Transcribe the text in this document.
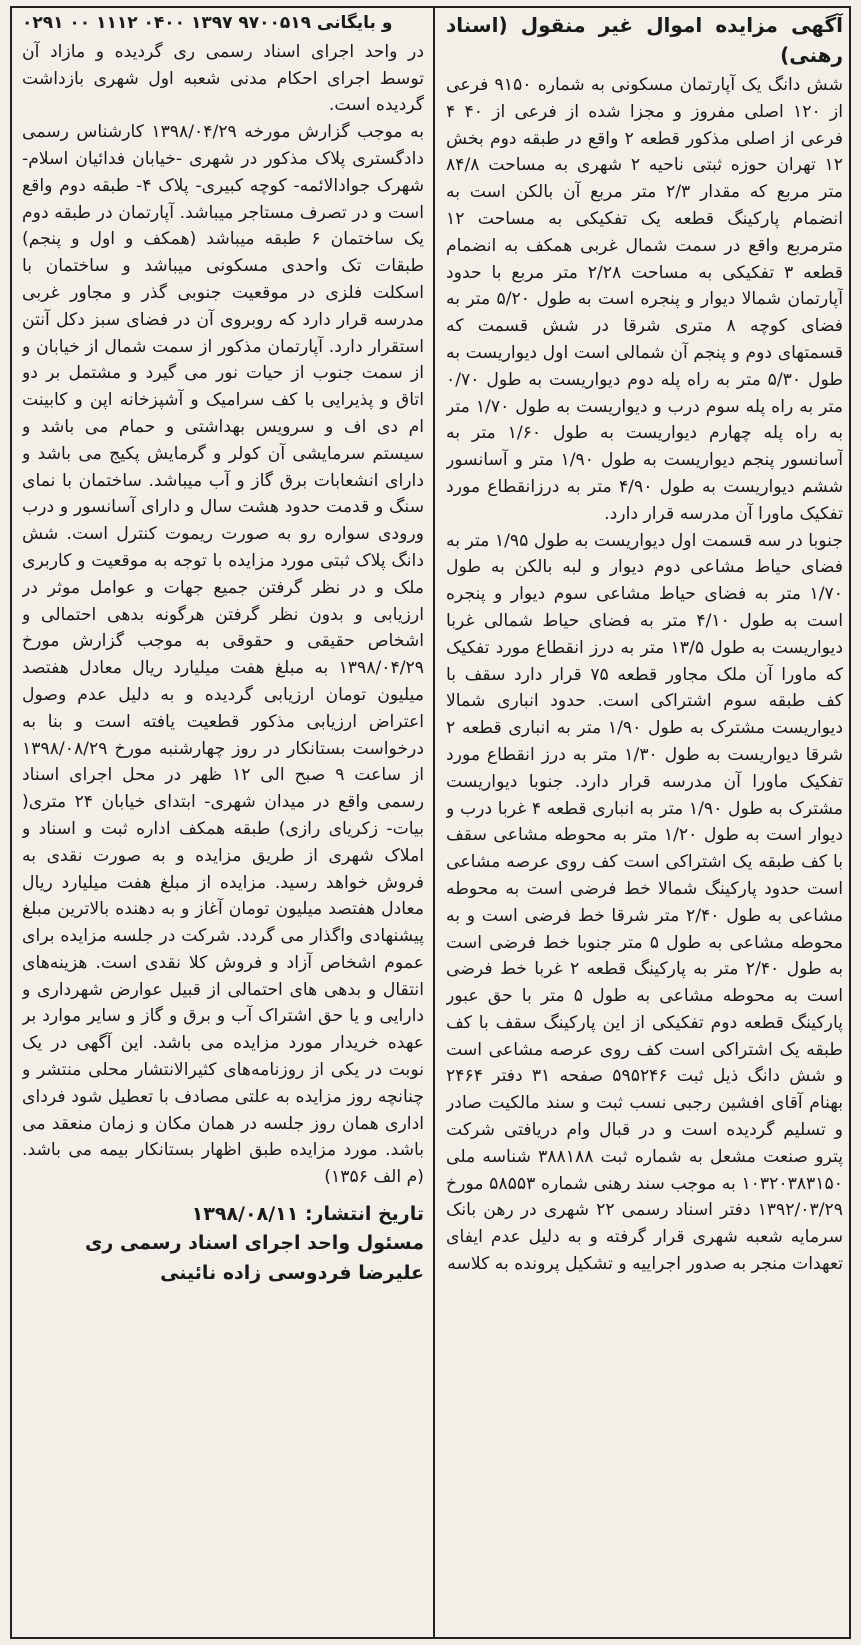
آگهی مزایده اموال غیر منقول (اسناد رهنی)

شش دانگ یک آپارتمان مسکونی به شماره ۹۱۵۰ فرعی از ۱۲۰ اصلی مفروز و مجزا شده از فرعی از ۴۰ ۴ فرعی از اصلی مذکور قطعه ۲ واقع در طبقه دوم بخش ۱۲ تهران حوزه ثبتی ناحیه ۲ شهری به مساحت ۸۴/۸ متر مربع که مقدار ۲/۳ متر مربع آن بالکن است به انضمام پارکینگ قطعه یک تفکیکی به مساحت ۱۲ مترمربع واقع در سمت شمال غربی همکف به انضمام قطعه ۳ تفکیکی به مساحت ۲/۲۸ متر مربع با حدود آپارتمان شمالا دیوار و پنجره است به طول ۵/۲۰ متر به فضای کوچه ۸ متری شرقا در شش قسمت که قسمتهای دوم و پنجم آن شمالی است اول دیواریست به طول ۵/۳۰ متر به راه پله دوم دیواریست به طول ۰/۷۰ متر به راه پله سوم درب و دیواریست به طول ۱/۷۰ متر به راه پله چهارم دیواریست به طول ۱/۶۰ متر به آسانسور پنجم دیواریست به طول ۱/۹۰ متر و آسانسور ششم دیواریست به طول ۴/۹۰ متر به درزانقطاع مورد تفکیک ماورا آن مدرسه قرار دارد.

جنوبا در سه قسمت اول دیواریست به طول ۱/۹۵ متر به فضای حیاط مشاعی دوم دیوار و لبه بالکن به طول ۱/۷۰ متر به فضای حیاط مشاعی سوم دیوار و پنجره است به طول ۴/۱۰ متر به فضای حیاط شمالی غربا دیواریست به طول ۱۳/۵ متر به درز انقطاع مورد تفکیک که ماورا آن ملک مجاور قطعه ۷۵ قرار دارد سقف با کف طبقه سوم اشتراکی است. حدود انباری شمالا دیواریست مشترک به طول ۱/۹۰ متر به انباری قطعه ۲ شرقا دیواریست به طول ۱/۳۰ متر به درز انقطاع مورد تفکیک ماورا آن مدرسه قرار دارد. جنوبا دیواریست مشترک به طول ۱/۹۰ متر به انباری قطعه ۴ غربا درب و دیوار است به طول ۱/۲۰ متر به محوطه مشاعی سقف با کف طبقه یک اشتراکی است کف روی عرصه مشاعی است حدود پارکینگ شمالا خط فرضی است به محوطه مشاعی به طول ۲/۴۰ متر شرقا خط فرضی است و به محوطه مشاعی به طول ۵ متر جنوبا خط فرضی است به طول ۲/۴۰ متر به پارکینگ قطعه ۲ غربا خط فرضی است به محوطه مشاعی به طول ۵ متر با حق عبور پارکینگ قطعه دوم تفکیکی از این پارکینگ سقف با کف طبقه یک اشتراکی است کف روی عرصه مشاعی است و شش دانگ ذیل ثبت ۵۹۵۲۴۶ صفحه ۳۱ دفتر ۲۴۶۴ بهنام آقای افشین رجبی نسب ثبت و سند مالکیت صادر و تسلیم گردیده است و در قبال وام دریافتی شرکت پترو صنعت مشعل به شماره ثبت ۳۸۸۱۸۸ شناسه ملی ۱۰۳۲۰۳۸۳۱۵۰ به موجب سند رهنی شماره ۵۸۵۵۳ مورخ ۱۳۹۲/۰۳/۲۹ دفتر اسناد رسمی ۲۲ شهری در رهن بانک سرمایه شعبه شهری قرار گرفته و به دلیل عدم ایفای تعهدات منجر به صدور اجراییه و تشکیل پرونده به کلاسه

۰۲۹۱ ۰۰ ۱۱۱۲ ۰۴۰۰ ۱۳۹۷ و بایگانی ۹۷۰۰۵۱۹

در واحد اجرای اسناد رسمی ری گردیده و مازاد آن توسط اجرای احکام مدنی شعبه اول شهری بازداشت گردیده است.

به موجب گزارش مورخه ۱۳۹۸/۰۴/۲۹ کارشناس رسمی دادگستری پلاک مذکور در شهری -خیابان فدائیان اسلام- شهرک جوادالائمه- کوچه کبیری- پلاک ۴- طبقه دوم واقع است و در تصرف مستاجر میباشد. آپارتمان در طبقه دوم یک ساختمان ۶ طبقه میباشد (همکف و اول و پنجم) طبقات تک واحدی مسکونی میباشد و ساختمان با اسکلت فلزی در موقعیت جنوبی گذر و مجاور غربی مدرسه قرار دارد که روبروی آن در فضای سبز دکل آنتن استقرار دارد. آپارتمان مذکور از سمت شمال از خیابان و از سمت جنوب از حیات نور می گیرد و مشتمل بر دو اتاق و پذیرایی با کف سرامیک و آشپزخانه اپن و کابینت ام دی اف و سرویس بهداشتی و حمام می باشد و سیستم سرمایشی آن کولر و گرمایش پکیج می باشد و دارای انشعابات برق گاز و آب میباشد. ساختمان با نمای سنگ و قدمت حدود هشت سال و دارای آسانسور و درب ورودی سواره رو به صورت ریموت کنترل است. شش دانگ پلاک ثبتی مورد مزایده با توجه به موقعیت و کاربری ملک و در نظر گرفتن جمیع جهات و عوامل موثر در ارزیابی و بدون نظر گرفتن هرگونه بدهی احتمالی و اشخاص حقیقی و حقوقی به موجب گزارش مورخ ۱۳۹۸/۰۴/۲۹ به مبلغ هفت میلیارد ریال معادل هفتصد میلیون تومان ارزیابی گردیده و به دلیل عدم وصول اعتراض ارزیابی مذکور قطعیت یافته است و بنا به درخواست بستانکار در روز چهارشنبه مورخ ۱۳۹۸/۰۸/۲۹ از ساعت ۹ صبح الی ۱۲ ظهر در محل اجرای اسناد رسمی واقع در میدان شهری- ابتدای خیابان ۲۴ متری( بیات- زکریای رازی) طبقه همکف اداره ثبت و اسناد و املاک شهری از طریق مزایده و به صورت نقدی به فروش خواهد رسید. مزایده از مبلغ هفت میلیارد ریال معادل هفتصد میلیون تومان آغاز و به دهنده بالاترین مبلغ پیشنهادی واگذار می گردد. شرکت در جلسه مزایده برای عموم اشخاص آزاد و فروش کلا نقدی است. هزینه‌های انتقال و بدهی های احتمالی از قبیل عوارض شهرداری و دارایی و یا حق اشتراک آب و برق و گاز و سایر موارد بر عهده خریدار مورد مزایده می باشد. این آگهی در یک نوبت در یکی از روزنامه‌های کثیرالانتشار محلی منتشر و چنانچه روز مزایده به علتی مصادف با تعطیل شود فردای اداری همان روز جلسه در همان مکان و زمان منعقد می باشد. مورد مزایده طبق اظهار بستانکار بیمه می باشد.(م الف ۱۳۵۶)

تاریخ انتشار: ۱۳۹۸/۰۸/۱۱
مسئول واحد اجرای اسناد رسمی ری
علیرضا فردوسی زاده نائینی
